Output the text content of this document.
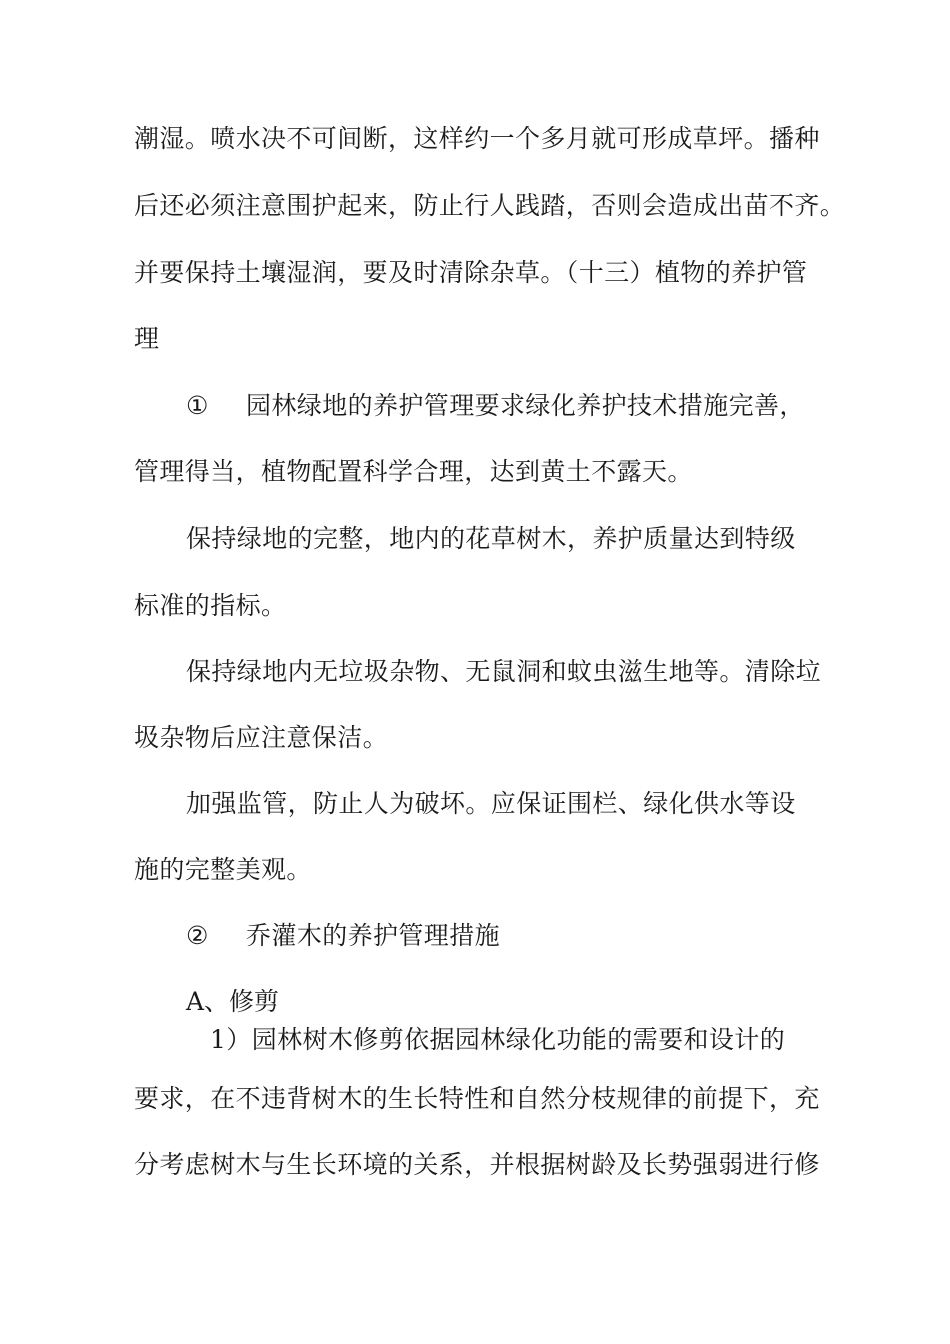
潮湿。喷水决不可间断，这样约一个多月就可形成草坪。播种
后还必须注意围护起来，防止行人践踏，否则会造成出苗不齐。
并要保持土壤湿润，要及时清除杂草。（十三）植物的养护管
理
① 园林绿地的养护管理要求绿化养护技术措施完善，
管理得当，植物配置科学合理，达到黄土不露天。
保持绿地的完整，地内的花草树木，养护质量达到特级
标准的指标。
保持绿地内无垃圾杂物、无鼠洞和蚊虫滋生地等。清除垃
圾杂物后应注意保洁。
加强监管，防止人为破坏。应保证围栏、绿化供水等设
施的完整美观。
② 乔灌木的养护管理措施
A、修剪
1）园林树木修剪依据园林绿化功能的需要和设计的
要求，在不违背树木的生长特性和自然分枝规律的前提下，充
分考虑树木与生长环境的关系，并根据树龄及长势强弱进行修
